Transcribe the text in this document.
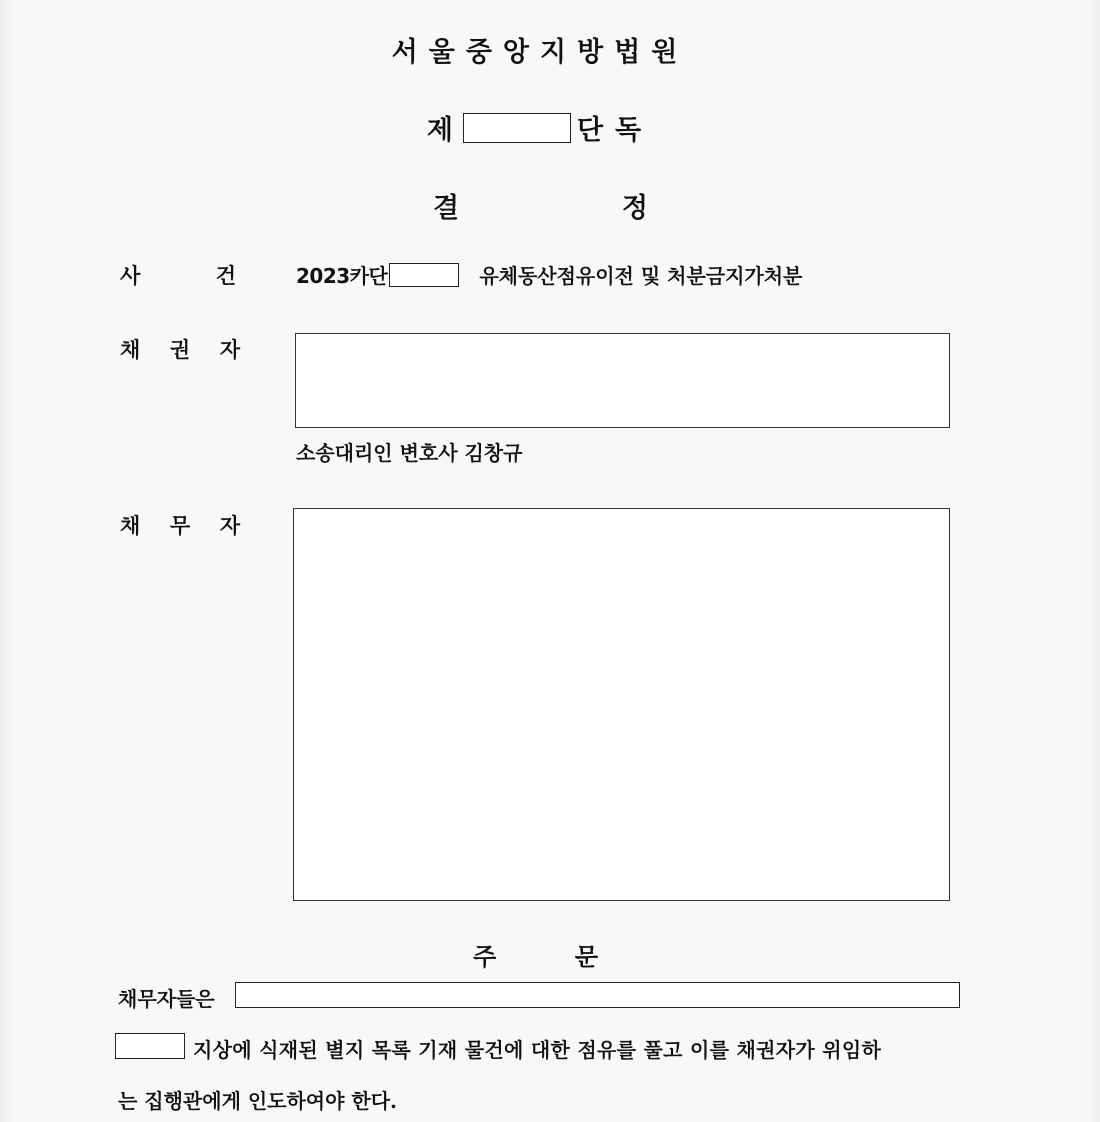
서울중앙지방법원
제	단독
결	정
사	건	2023카단	유체동산점유이전 및 처분금지가처분
채 권 자
소송대리인 변호사 김창규
채 무 자
주	문
채무자들은
지상에 식재된 별지 목록 기재 물건에 대한 점유를 풀고 이를 채권자가 위임하
는 집행관에게 인도하여야 한다.
